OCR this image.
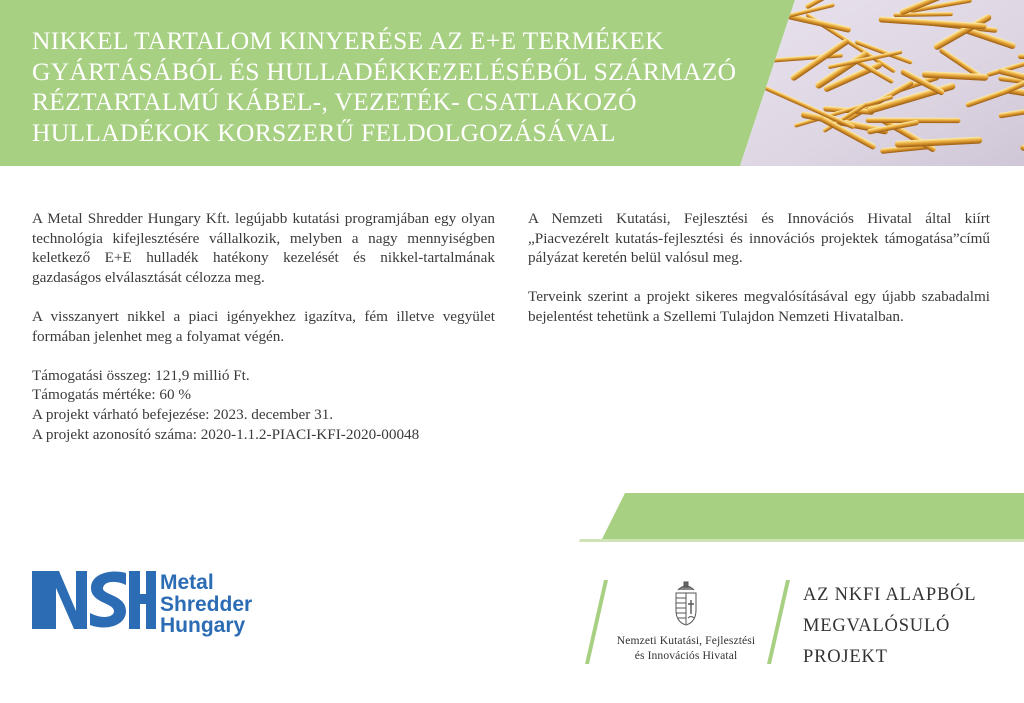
NIKKEL TARTALOM KINYERÉSE AZ E+E TERMÉKEK GYÁRTÁSÁBÓL ÉS HULLADÉKKEZELÉSÉBŐL SZÁRMAZÓ RÉZTARTALMÚ KÁBEL-, VEZETÉK- CSATLAKOZÓ HULLADÉKOK KORSZERŰ FELDOLGOZÁSÁVAL

A Metal Shredder Hungary Kft. legújabb kutatási programjában egy olyan technológia kifejlesztésére vállalkozik, melyben a nagy mennyiségben keletkező E+E hulladék hatékony kezelését és nikkel-tartalmának gazdaságos elválasztását célozza meg.

A visszanyert nikkel a piaci igényekhez igazítva, fém illetve vegyület formában jelenhet meg a folyamat végén.

Támogatási összeg: 121,9 millió Ft.
Támogatás mértéke: 60 %
A projekt várható befejezése: 2023. december 31.
A projekt azonosító száma: 2020-1.1.2-PIACI-KFI-2020-00048

A Nemzeti Kutatási, Fejlesztési és Innovációs Hivatal által kiírt „Piacvezérelt kutatás-fejlesztési és innovációs projektek támogatása”című pályázat keretén belül valósul meg.

Terveink szerint a projekt sikeres megvalósításával egy újabb szabadalmi bejelentést tehetünk a Szellemi Tulajdon Nemzeti Hivatalban.

Metal
Shredder
Hungary
Nemzeti Kutatási, Fejlesztési
és Innovációs Hivatal
AZ NKFI ALAPBÓL
MEGVALÓSULÓ
PROJEKT
